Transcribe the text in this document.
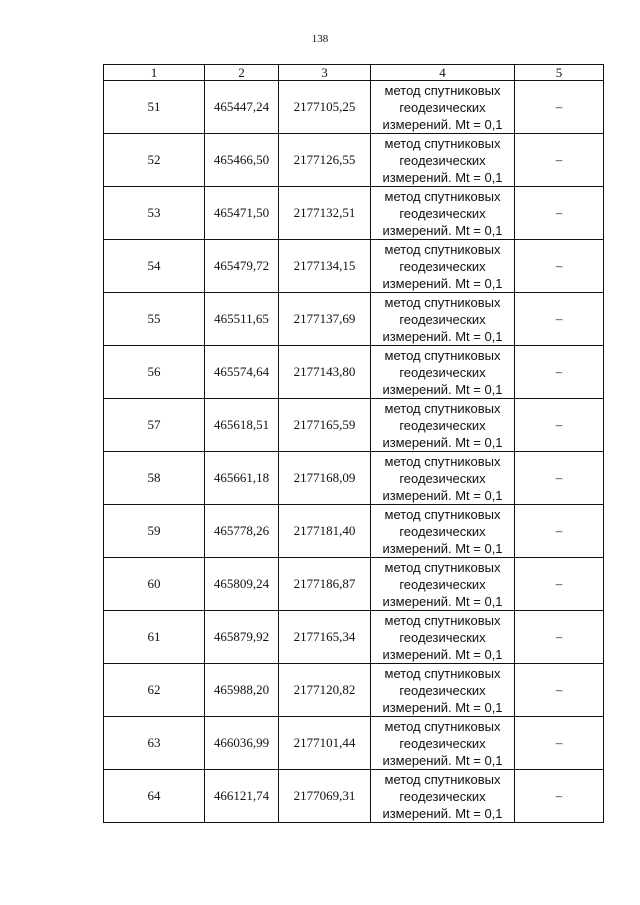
138
1	2	3	4	5
51	465447,24	2177105,25	метод спутниковых
геодезических
измерений. Mt = 0,1	–
52	465466,50	2177126,55	метод спутниковых
геодезических
измерений. Mt = 0,1	–
53	465471,50	2177132,51	метод спутниковых
геодезических
измерений. Mt = 0,1	–
54	465479,72	2177134,15	метод спутниковых
геодезических
измерений. Mt = 0,1	–
55	465511,65	2177137,69	метод спутниковых
геодезических
измерений. Mt = 0,1	–
56	465574,64	2177143,80	метод спутниковых
геодезических
измерений. Mt = 0,1	–
57	465618,51	2177165,59	метод спутниковых
геодезических
измерений. Mt = 0,1	–
58	465661,18	2177168,09	метод спутниковых
геодезических
измерений. Mt = 0,1	–
59	465778,26	2177181,40	метод спутниковых
геодезических
измерений. Mt = 0,1	–
60	465809,24	2177186,87	метод спутниковых
геодезических
измерений. Mt = 0,1	–
61	465879,92	2177165,34	метод спутниковых
геодезических
измерений. Mt = 0,1	–
62	465988,20	2177120,82	метод спутниковых
геодезических
измерений. Mt = 0,1	–
63	466036,99	2177101,44	метод спутниковых
геодезических
измерений. Mt = 0,1	–
64	466121,74	2177069,31	метод спутниковых
геодезических
измерений. Mt = 0,1	–
